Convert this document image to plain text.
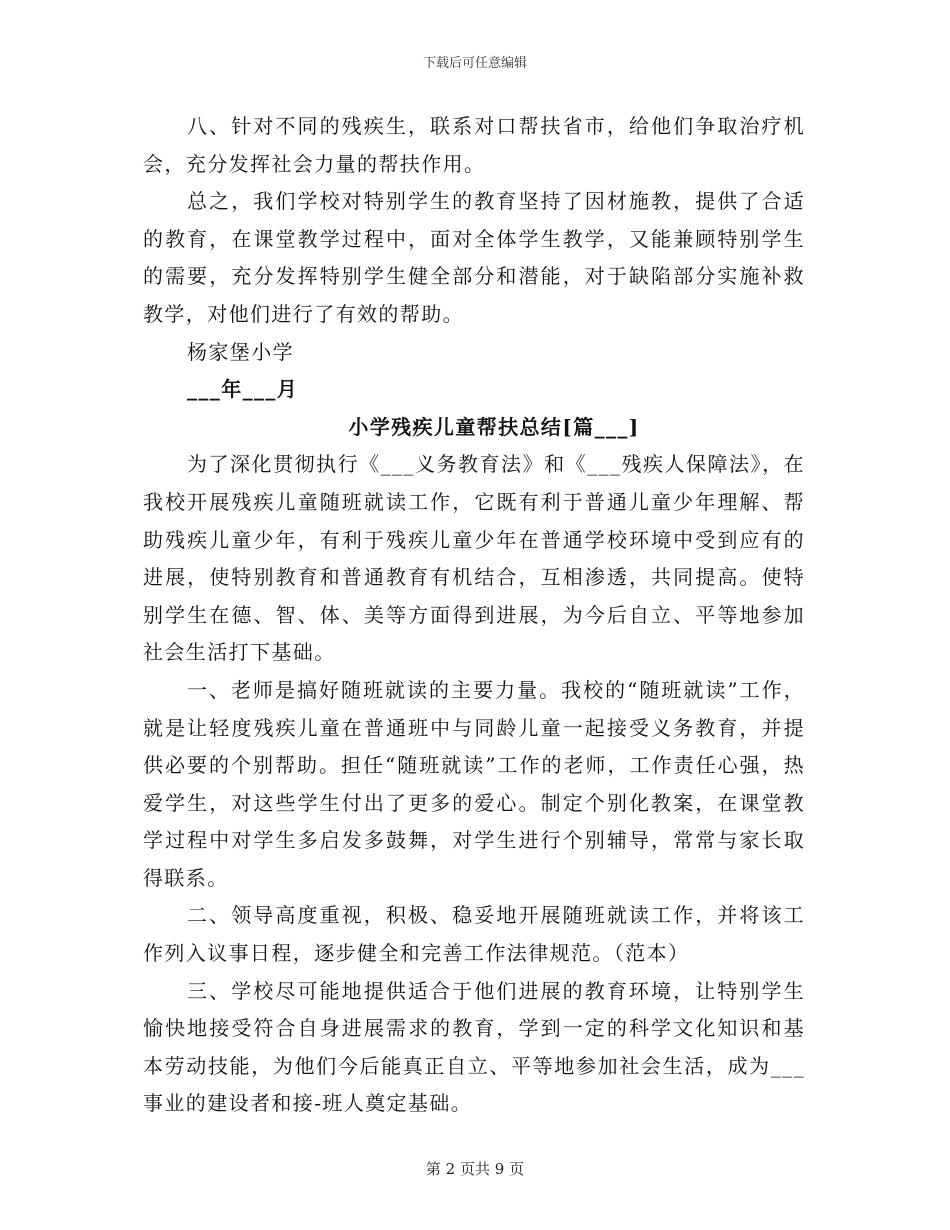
下载后可任意编辑

八、针对不同的残疾生，联系对口帮扶省市，给他们争取治疗机会，充分发挥社会力量的帮扶作用。

总之，我们学校对特别学生的教育坚持了因材施教，提供了合适的教育，在课堂教学过程中，面对全体学生教学，又能兼顾特别学生的需要，充分发挥特别学生健全部分和潜能，对于缺陷部分实施补救教学，对他们进行了有效的帮助。

杨家堡小学

___年___月

小学残疾儿童帮扶总结[篇___]

为了深化贯彻执行《___义务教育法》和《___残疾人保障法》，在我校开展残疾儿童随班就读工作，它既有利于普通儿童少年理解、帮助残疾儿童少年，有利于残疾儿童少年在普通学校环境中受到应有的进展，使特别教育和普通教育有机结合，互相渗透，共同提高。使特别学生在德、智、体、美等方面得到进展，为今后自立、平等地参加社会生活打下基础。

一、老师是搞好随班就读的主要力量。我校的“随班就读”工作，就是让轻度残疾儿童在普通班中与同龄儿童一起接受义务教育，并提供必要的个别帮助。担任“随班就读”工作的老师，工作责任心强，热爱学生，对这些学生付出了更多的爱心。制定个别化教案，在课堂教学过程中对学生多启发多鼓舞，对学生进行个别辅导，常常与家长取得联系。

二、领导高度重视，积极、稳妥地开展随班就读工作，并将该工作列入议事日程，逐步健全和完善工作法律规范。（范本）

三、学校尽可能地提供适合于他们进展的教育环境，让特别学生愉快地接受符合自身进展需求的教育，学到一定的科学文化知识和基本劳动技能，为他们今后能真正自立、平等地参加社会生活，成为___事业的建设者和接-班人奠定基础。

第 2 页共 9 页
